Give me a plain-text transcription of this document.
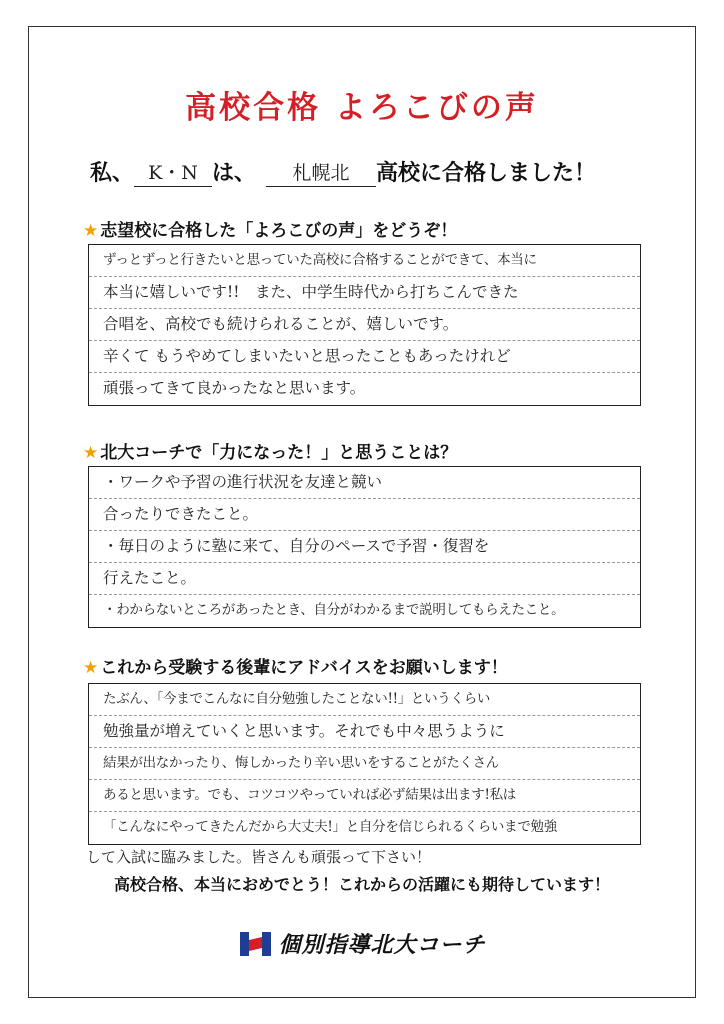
高校合格 よろこびの声
私、 K・N は、	札幌北	高校に合格しました！
★ 志望校に合格した「よろこびの声」をどうぞ！
ずっとずっと行きたいと思っていた高校に合格することができて、本当に
本当に嬉しいです!!　また、中学生時代から打ちこんできた
合唱を、高校でも続けられることが、嬉しいです。
辛くて もうやめてしまいたいと思ったこともあったけれど
頑張ってきて良かったなと思います。
★ 北大コーチで「力になった！」と思うことは？
・ワークや予習の進行状況を友達と競い
合ったりできたこと。
・毎日のように塾に来て、自分のペースで予習・復習を
行えたこと。
・わからないところがあったとき、自分がわかるまで説明してもらえたこと。
★ これから受験する後輩にアドバイスをお願いします！
たぶん、「今までこんなに自分勉強したことない!!」というくらい
勉強量が増えていくと思います。それでも中々思うように
結果が出なかったり、悔しかったり辛い思いをすることがたくさん
あると思います。でも、コツコツやっていれば必ず結果は出ます!私は
「こんなにやってきたんだから大丈夫!」と自分を信じられるくらいまで勉強
して入試に臨みました。皆さんも頑張って下さい！
高校合格、本当におめでとう！これからの活躍にも期待しています！
個別指導北大コーチ
